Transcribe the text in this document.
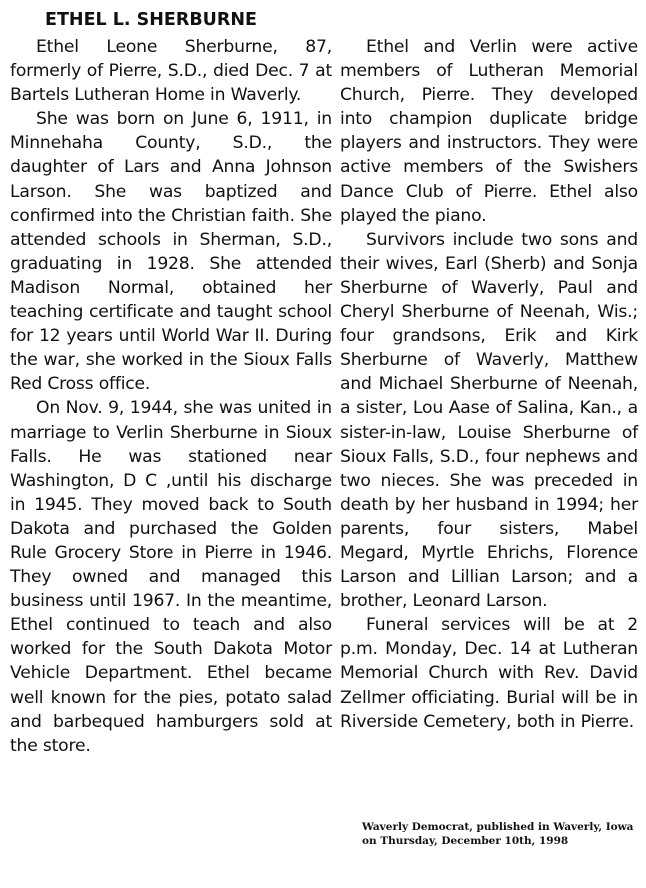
ETHEL L. SHERBURNE

Ethel Leone Sherburne, 87, formerly of Pierre, S.D., died Dec. 7 at Bartels Lutheran Home in Waverly.

She was born on June 6, 1911, in Minnehaha County, S.D., the daughter of Lars and Anna Johnson Larson. She was baptized and confirmed into the Christian faith. She attended schools in Sherman, S.D., graduating in 1928. She attended Madison Normal, obtained her teaching certificate and taught school for 12 years until World War II. During the war, she worked in the Sioux Falls Red Cross office.

On Nov. 9, 1944, she was united in marriage to Verlin Sherburne in Sioux Falls. He was stationed near Washington, D C ,until his discharge in 1945. They moved back to South Dakota and purchased the Golden Rule Grocery Store in Pierre in 1946. They owned and managed this business until 1967. In the meantime, Ethel continued to teach and also worked for the South Dakota Motor Vehicle Department. Ethel became well known for the pies, potato salad and barbequed hamburgers sold at the store.

Ethel and Verlin were active members of Lutheran Memorial Church, Pierre. They developed into champion duplicate bridge players and instructors. They were active members of the Swishers Dance Club of Pierre. Ethel also played the piano.

Survivors include two sons and their wives, Earl (Sherb) and Sonja Sherburne of Waverly, Paul and Cheryl Sherburne of Neenah, Wis.; four grandsons, Erik and Kirk Sherburne of Waverly, Matthew and Michael Sherburne of Neenah, a sister, Lou Aase of Salina, Kan., a sister-in-law, Louise Sherburne of Sioux Falls, S.D., four nephews and two nieces. She was preceded in death by her husband in 1994; her parents, four sisters, Mabel Megard, Myrtle Ehrichs, Florence Larson and Lillian Larson; and a brother, Leonard Larson.

Funeral services will be at 2 p.m. Monday, Dec. 14 at Lutheran Memorial Church with Rev. David Zellmer officiating. Burial will be in Riverside Cemetery, both in Pierre.

Waverly Democrat, published in Waverly, Iowa
on Thursday, December 10th, 1998
